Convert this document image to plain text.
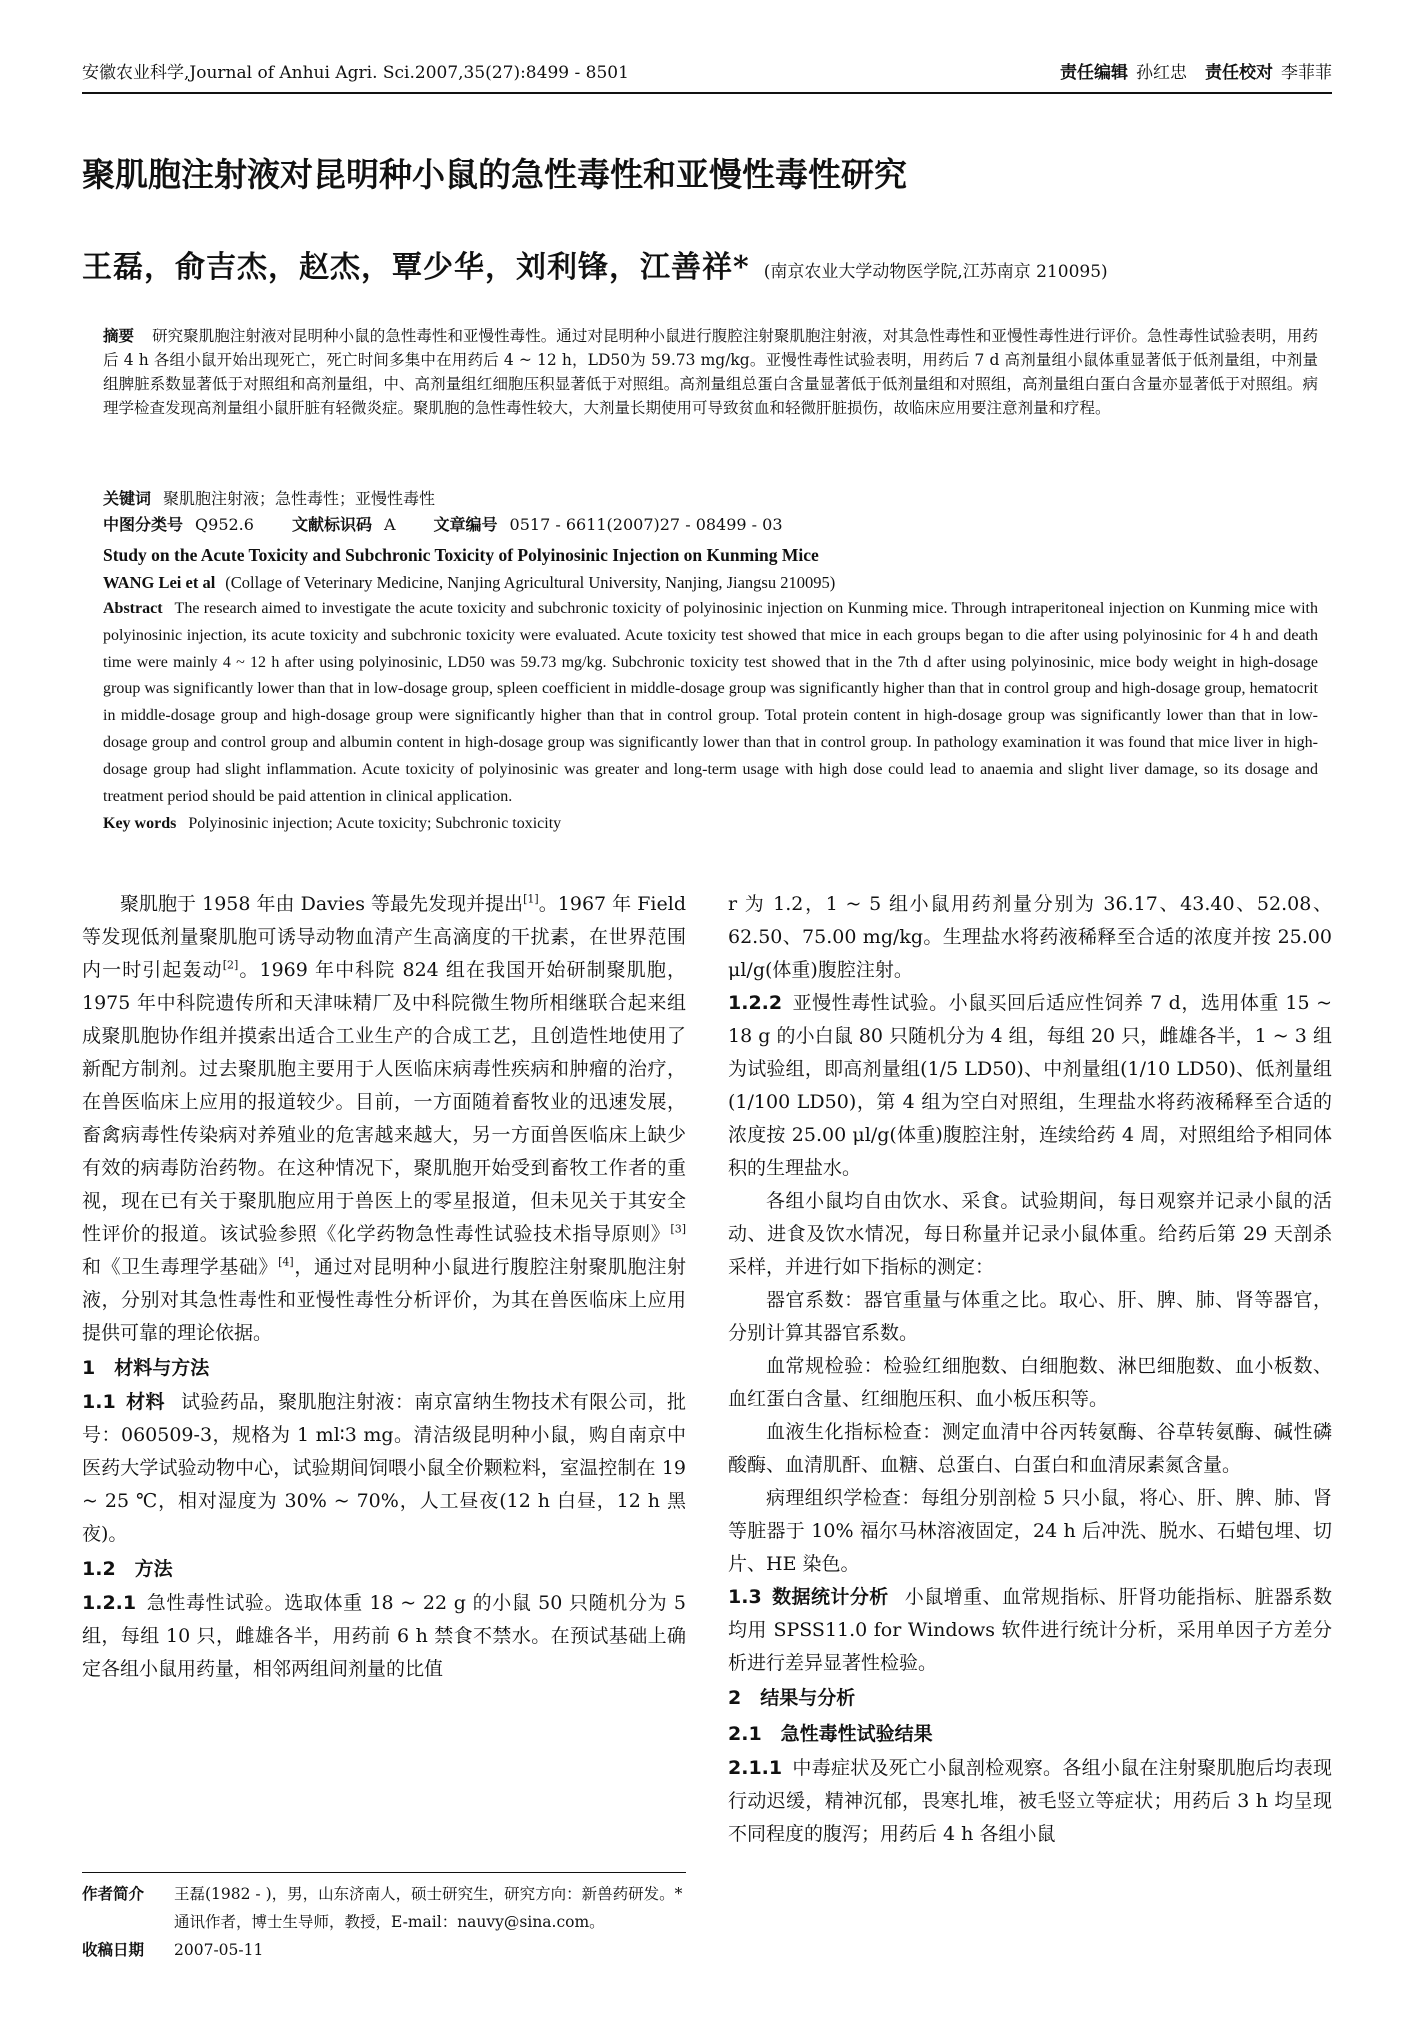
安徽农业科学,Journal of Anhui Agri. Sci.2007,35(27):8499 - 8501	责任编辑 孙红忠 责任校对 李菲菲
聚肌胞注射液对昆明种小鼠的急性毒性和亚慢性毒性研究
王磊，俞吉杰，赵杰，覃少华，刘利锋，江善祥* (南京农业大学动物医学院,江苏南京 210095)
摘要 研究聚肌胞注射液对昆明种小鼠的急性毒性和亚慢性毒性。通过对昆明种小鼠进行腹腔注射聚肌胞注射液，对其急性毒性和亚慢性毒性进行评价。急性毒性试验表明，用药后 4 h 各组小鼠开始出现死亡，死亡时间多集中在用药后 4 ~ 12 h，LD50为 59.73 mg/kg。亚慢性毒性试验表明，用药后 7 d 高剂量组小鼠体重显著低于低剂量组，中剂量组脾脏系数显著低于对照组和高剂量组，中、高剂量组红细胞压积显著低于对照组。高剂量组总蛋白含量显著低于低剂量组和对照组，高剂量组白蛋白含量亦显著低于对照组。病理学检查发现高剂量组小鼠肝脏有轻微炎症。聚肌胞的急性毒性较大，大剂量长期使用可导致贫血和轻微肝脏损伤，故临床应用要注意剂量和疗程。
关键词 聚肌胞注射液；急性毒性；亚慢性毒性
中图分类号 Q952.6 文献标识码 A 文章编号 0517 - 6611(2007)27 - 08499 - 03
Study on the Acute Toxicity and Subchronic Toxicity of Polyinosinic Injection on Kunming Mice
WANG Lei et al (Collage of Veterinary Medicine, Nanjing Agricultural University, Nanjing, Jiangsu 210095)
Abstract The research aimed to investigate the acute toxicity and subchronic toxicity of polyinosinic injection on Kunming mice. Through intraperitoneal injection on Kunming mice with polyinosinic injection, its acute toxicity and subchronic toxicity were evaluated. Acute toxicity test showed that mice in each groups began to die after using polyinosinic for 4 h and death time were mainly 4 ~ 12 h after using polyinosinic, LD50 was 59.73 mg/kg. Subchronic toxicity test showed that in the 7th d after using polyinosinic, mice body weight in high-dosage group was significantly lower than that in low-dosage group, spleen coefficient in middle-dosage group was significantly higher than that in control group and high-dosage group, hematocrit in middle-dosage group and high-dosage group were significantly higher than that in control group. Total protein content in high-dosage group was significantly lower than that in low-dosage group and control group and albumin content in high-dosage group was significantly lower than that in control group. In pathology examination it was found that mice liver in high-dosage group had slight inflammation. Acute toxicity of polyinosinic was greater and long-term usage with high dose could lead to anaemia and slight liver damage, so its dosage and treatment period should be paid attention in clinical application.
Key words Polyinosinic injection; Acute toxicity; Subchronic toxicity

聚肌胞于 1958 年由 Davies 等最先发现并提出[1]。1967 年 Field 等发现低剂量聚肌胞可诱导动物血清产生高滴度的干扰素，在世界范围内一时引起轰动[2]。1969 年中科院 824 组在我国开始研制聚肌胞，1975 年中科院遗传所和天津味精厂及中科院微生物所相继联合起来组成聚肌胞协作组并摸索出适合工业生产的合成工艺，且创造性地使用了新配方制剂。过去聚肌胞主要用于人医临床病毒性疾病和肿瘤的治疗，在兽医临床上应用的报道较少。目前，一方面随着畜牧业的迅速发展，畜禽病毒性传染病对养殖业的危害越来越大，另一方面兽医临床上缺少有效的病毒防治药物。在这种情况下，聚肌胞开始受到畜牧工作者的重视，现在已有关于聚肌胞应用于兽医上的零星报道，但未见关于其安全性评价的报道。该试验参照《化学药物急性毒性试验技术指导原则》[3]和《卫生毒理学基础》[4]，通过对昆明种小鼠进行腹腔注射聚肌胞注射液，分别对其急性毒性和亚慢性毒性分析评价，为其在兽医临床上应用提供可靠的理论依据。

1　材料与方法

1.1 材料 试验药品，聚肌胞注射液：南京富纳生物技术有限公司，批号：060509-3，规格为 1 ml∶3 mg。清洁级昆明种小鼠，购自南京中医药大学试验动物中心，试验期间饲喂小鼠全价颗粒料，室温控制在 19 ~ 25 ℃，相对湿度为 30% ~ 70%，人工昼夜(12 h 白昼，12 h 黑夜)。

1.2　方法

1.2.1 急性毒性试验。选取体重 18 ~ 22 g 的小鼠 50 只随机分为 5 组，每组 10 只，雌雄各半，用药前 6 h 禁食不禁水。在预试基础上确定各组小鼠用药量，相邻两组间剂量的比值

r 为 1.2，1 ~ 5 组小鼠用药剂量分别为 36.17、43.40、52.08、62.50、75.00 mg/kg。生理盐水将药液稀释至合适的浓度并按 25.00 μl/g(体重)腹腔注射。

1.2.2 亚慢性毒性试验。小鼠买回后适应性饲养 7 d，选用体重 15 ~ 18 g 的小白鼠 80 只随机分为 4 组，每组 20 只，雌雄各半，1 ~ 3 组为试验组，即高剂量组(1/5 LD50)、中剂量组(1/10 LD50)、低剂量组(1/100 LD50)，第 4 组为空白对照组，生理盐水将药液稀释至合适的浓度按 25.00 μl/g(体重)腹腔注射，连续给药 4 周，对照组给予相同体积的生理盐水。

各组小鼠均自由饮水、采食。试验期间，每日观察并记录小鼠的活动、进食及饮水情况，每日称量并记录小鼠体重。给药后第 29 天剖杀采样，并进行如下指标的测定：

器官系数：器官重量与体重之比。取心、肝、脾、肺、肾等器官，分别计算其器官系数。

血常规检验：检验红细胞数、白细胞数、淋巴细胞数、血小板数、血红蛋白含量、红细胞压积、血小板压积等。

血液生化指标检查：测定血清中谷丙转氨酶、谷草转氨酶、碱性磷酸酶、血清肌酐、血糖、总蛋白、白蛋白和血清尿素氮含量。

病理组织学检查：每组分别剖检 5 只小鼠，将心、肝、脾、肺、肾等脏器于 10% 福尔马林溶液固定，24 h 后冲洗、脱水、石蜡包埋、切片、HE 染色。

1.3 数据统计分析 小鼠增重、血常规指标、肝肾功能指标、脏器系数均用 SPSS11.0 for Windows 软件进行统计分析，采用单因子方差分析进行差异显著性检验。

2　结果与分析
2.1　急性毒性试验结果

2.1.1 中毒症状及死亡小鼠剖检观察。各组小鼠在注射聚肌胞后均表现行动迟缓，精神沉郁，畏寒扎堆，被毛竖立等症状；用药后 3 h 均呈现不同程度的腹泻；用药后 4 h 各组小鼠

作者简介	王磊(1982 - )，男，山东济南人，硕士研究生，研究方向：新兽药研发。*通讯作者，博士生导师，教授，E-mail：nauvy@sina.com。
收稿日期	2007-05-11
